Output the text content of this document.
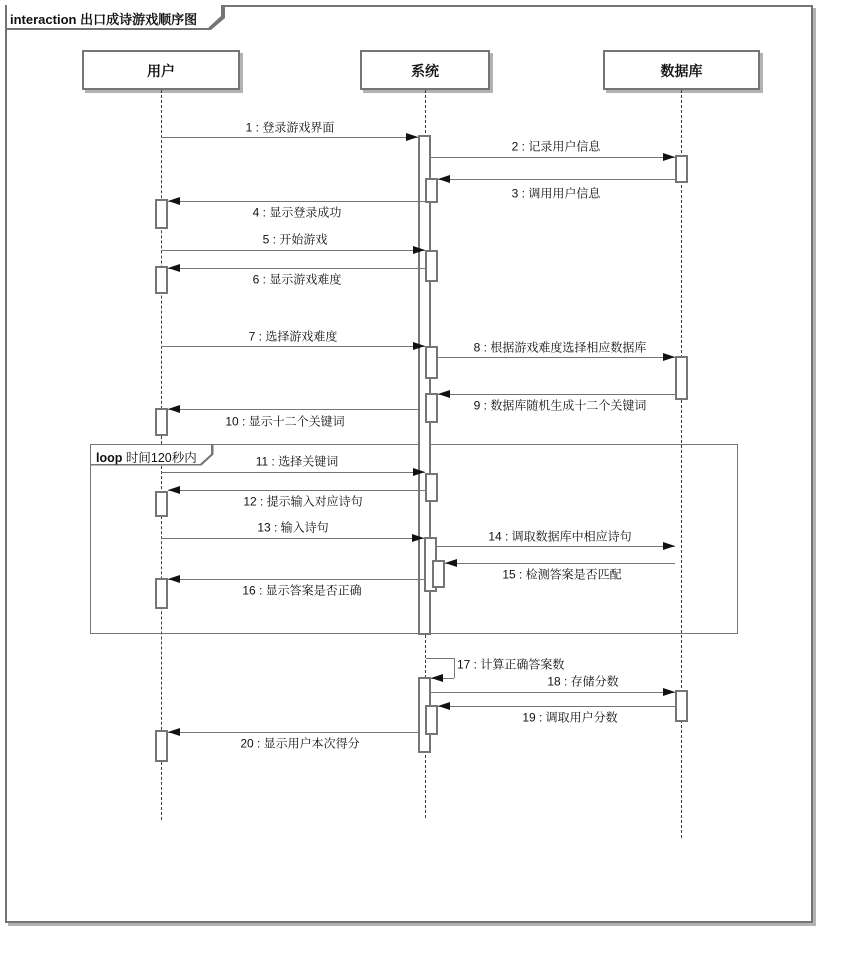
interaction 出口成诗游戏顺序图
用户	系统	数据库
loop 时间120秒内
1 : 登录游戏界面
2 : 记录用户信息
3 : 调用用户信息
4 : 显示登录成功
5 : 开始游戏
6 : 显示游戏难度
7 : 选择游戏难度
8 : 根据游戏难度选择相应数据库
9 : 数据库随机生成十二个关键词
10 : 显示十二个关键词
11 : 选择关键词
12 : 提示输入对应诗句
13 : 输入诗句
14 : 调取数据库中相应诗句
15 : 检测答案是否匹配
16 : 显示答案是否正确
18 : 存储分数
19 : 调取用户分数
20 : 显示用户本次得分
17 : 计算正确答案数
